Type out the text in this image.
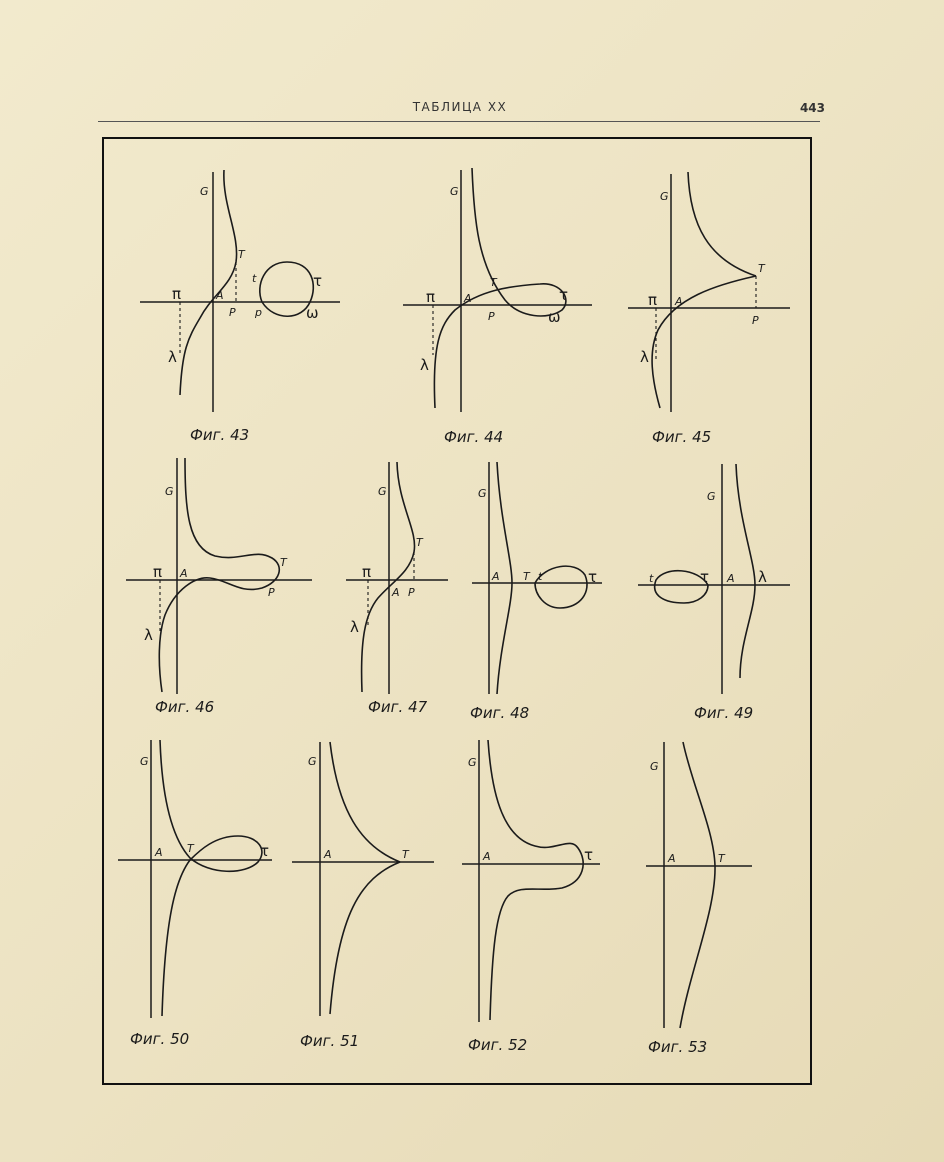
ТАБЛИЦА XX	443
G
T
t	τ
π	A
P p	ω
λ
Фиг. 43
G
T
τ
π	A
P	ω
λ
Фиг. 44
G
T
π A
P
λ
Фиг. 45
G
T
π A
P
λ
Фиг. 46
G
T
π
A P
λ
Фиг. 47
G
A T t	τ
Фиг. 48
G
t	τ A λ
Фиг. 49
G
A T	τ
Фиг. 50
G
A	T
Фиг. 51
G
A	τ
Фиг. 52
G
A	T
Фиг. 53
